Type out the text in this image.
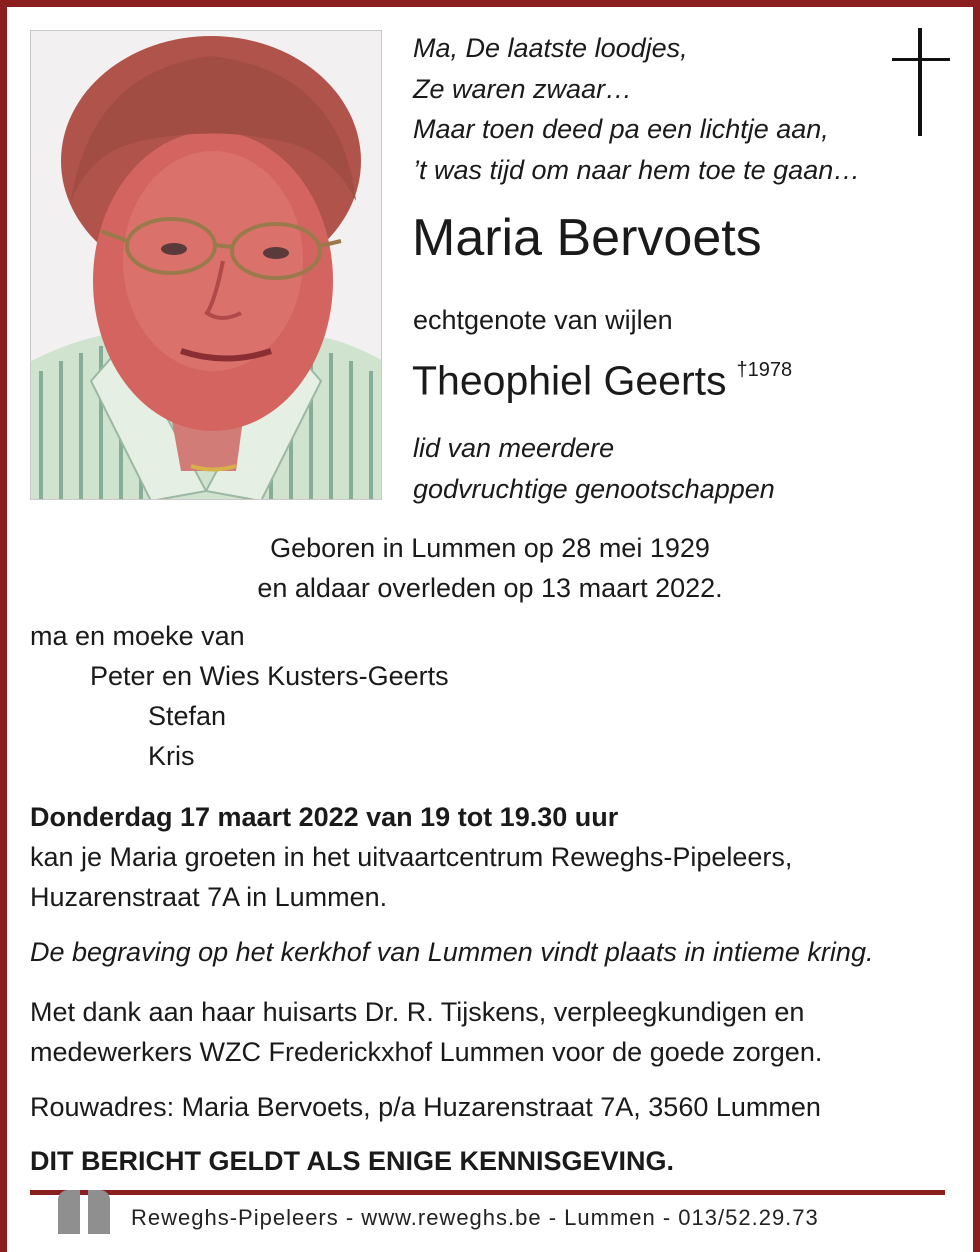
Ma, De laatste loodjes,
Ze waren zwaar…
Maar toen deed pa een lichtje aan,
’t was tijd om naar hem toe te gaan…
Maria Bervoets
echtgenote van wijlen
Theophiel Geerts $^{\dagger 1978}$
lid van meerdere
godvruchtige genootschappen
Geboren in Lummen op 28 mei 1929
en aldaar overleden op 13 maart 2022.
ma en moeke van
Peter en Wies Kusters-Geerts
Stefan
Kris
Donderdag 17 maart 2022 van 19 tot 19.30 uur
kan je Maria groeten in het uitvaartcentrum Reweghs-Pipeleers,
Huzarenstraat 7A in Lummen.
De begraving op het kerkhof van Lummen vindt plaats in intieme kring.
Met dank aan haar huisarts Dr. R. Tijskens, verpleegkundigen en
medewerkers WZC Frederickxhof Lummen voor de goede zorgen.
Rouwadres: Maria Bervoets, p/a Huzarenstraat 7A, 3560 Lummen
DIT BERICHT GELDT ALS ENIGE KENNISGEVING.
Reweghs-Pipeleers - www.reweghs.be - Lummen - 013/52.29.73
